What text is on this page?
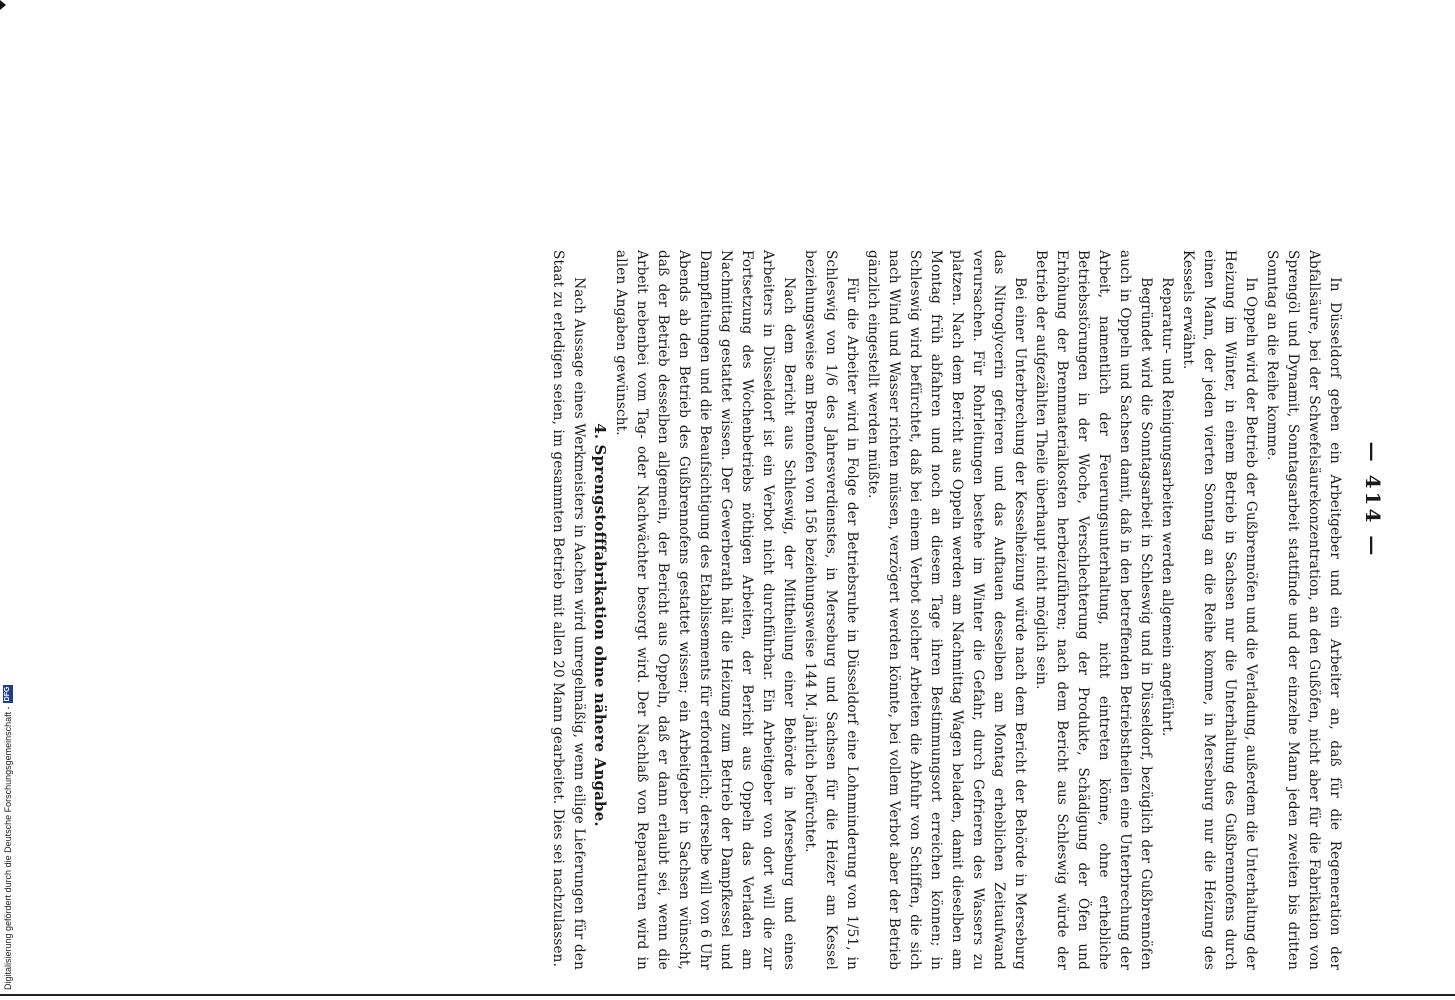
Digitalisierung gefördert durch die Deutsche Forschungsgemeinschaft -
DFG
— 414 —

In Düsseldorf geben ein Arbeitgeber und ein Arbeiter an, daß für die Regeneration der Abfallsäure, bei der Schwefelsäurekonzentration, an den Gußöfen, nicht aber für die Fabrikation von Sprengöl und Dynamit, Sonntagsarbeit stattfinde und der einzelne Mann jeden zweiten bis dritten Sonntag an die Reihe komme.

In Oppeln wird der Betrieb der Gußbrennöfen und die Verladung, außerdem die Unterhaltung der Heizung im Winter, in einem Betrieb in Sachsen nur die Unterhaltung des Gußbrennofens durch einen Mann, der jeden vierten Sonntag an die Reihe komme, in Merseburg nur die Heizung des Kessels erwähnt.

Reparatur- und Reinigungsarbeiten werden allgemein angeführt.

Begründet wird die Sonntagsarbeit in Schleswig und in Düsseldorf, bezüglich der Gußbrennöfen auch in Oppeln und Sachsen damit, daß in den betreffenden Betriebstheilen eine Unterbrechung der Arbeit, namentlich der Feuerungsunterhaltung, nicht eintreten könne, ohne erhebliche Betriebsstörungen in der Woche, Verschlechterung der Produkte, Schädigung der Öfen und Erhöhung der Brennmaterialkosten herbeizuführen; nach dem Bericht aus Schleswig würde der Betrieb der aufgezählten Theile überhaupt nicht möglich sein.

Bei einer Unterbrechung der Kesselheizung würde nach dem Bericht der Behörde in Merseburg das Nitroglycerin gefrieren und das Auftauen desselben am Montag erheblichen Zeitaufwand verursachen. Für Rohrleitungen bestehe im Winter die Gefahr, durch Gefrieren des Wassers zu platzen. Nach dem Bericht aus Oppeln werden am Nachmittag Wagen beladen, damit dieselben am Montag früh abfahren und noch an diesem Tage ihren Bestimmungsort erreichen können; in Schleswig wird befürchtet, daß bei einem Verbot solcher Arbeiten die Abfuhr von Schiffen, die sich nach Wind und Wasser richten müssen, verzögert werden könnte, bei vollem Verbot aber der Betrieb gänzlich eingestellt werden müßte.

Für die Arbeiter wird in Folge der Betriebsruhe in Düsseldorf eine Lohnminderung von 1/51, in Schleswig von 1/6 des Jahresverdienstes, in Merseburg und Sachsen für die Heizer am Kessel beziehungsweise am Brennofen von 156 beziehungsweise 144 M. jährlich befürchtet.

Nach dem Bericht aus Schleswig, der Mittheilung einer Behörde in Merseburg und eines Arbeiters in Düsseldorf ist ein Verbot nicht durchführbar. Ein Arbeitgeber von dort will die zur Fortsetzung des Wochenbetriebs nöthigen Arbeiten, der Bericht aus Oppeln das Verladen am Nachmittag gestattet wissen. Der Gewerberath hält die Heizung zum Betrieb der Dampfkessel und Dampfleitungen und die Beaufsichtigung des Etablissements für erforderlich; derselbe will von 6 Uhr Abends ab den Betrieb des Gußbrennofens gestattet wissen; ein Arbeitgeber in Sachsen wünscht, daß der Betrieb desselben allgemein, der Bericht aus Oppeln, daß er dann erlaubt sei, wenn die Arbeit nebenbei vom Tag- oder Nachwächter besorgt wird. Der Nachlaß von Reparaturen wird in allen Angaben gewünscht.

4. Sprengstofffabrikation ohne nähere Angabe.

Nach Aussage eines Werkmeisters in Aachen wird unregelmäßig, wenn eilige Lieferungen für den Staat zu erledigen seien, im gesammten Betrieb mit allen 20 Mann gearbeitet. Dies sei nachzulassen.
